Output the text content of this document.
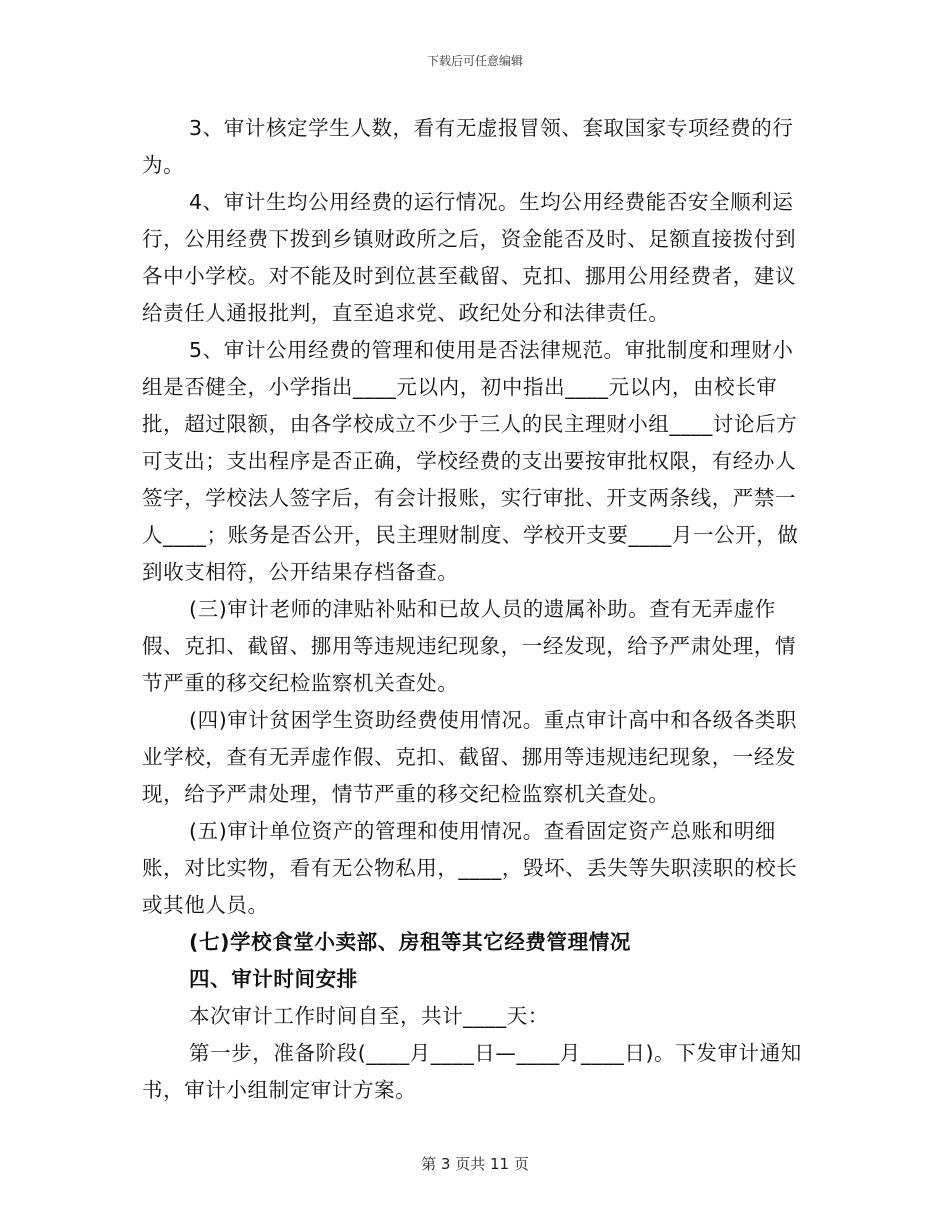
下载后可任意编辑

3、审计核定学生人数，看有无虚报冒领、套取国家专项经费的行为。

4、审计生均公用经费的运行情况。生均公用经费能否安全顺利运行，公用经费下拨到乡镇财政所之后，资金能否及时、足额直接拨付到各中小学校。对不能及时到位甚至截留、克扣、挪用公用经费者，建议给责任人通报批判，直至追求党、政纪处分和法律责任。

5、审计公用经费的管理和使用是否法律规范。审批制度和理财小组是否健全，小学指出____元以内，初中指出____元以内，由校长审批，超过限额，由各学校成立不少于三人的民主理财小组____讨论后方可支出；支出程序是否正确，学校经费的支出要按审批权限，有经办人签字，学校法人签字后，有会计报账，实行审批、开支两条线，严禁一人____；账务是否公开，民主理财制度、学校开支要____月一公开，做到收支相符，公开结果存档备查。

(三)审计老师的津贴补贴和已故人员的遗属补助。查有无弄虚作假、克扣、截留、挪用等违规违纪现象，一经发现，给予严肃处理，情节严重的移交纪检监察机关查处。

(四)审计贫困学生资助经费使用情况。重点审计高中和各级各类职业学校，查有无弄虚作假、克扣、截留、挪用等违规违纪现象，一经发现，给予严肃处理，情节严重的移交纪检监察机关查处。

(五)审计单位资产的管理和使用情况。查看固定资产总账和明细账，对比实物，看有无公物私用，____，毁坏、丢失等失职渎职的校长或其他人员。

(七)学校食堂小卖部、房租等其它经费管理情况

四、审计时间安排

本次审计工作时间自至，共计____天：

第一步，准备阶段(____月____日—____月____日)。下发审计通知书，审计小组制定审计方案。

第 3 页共 11 页
